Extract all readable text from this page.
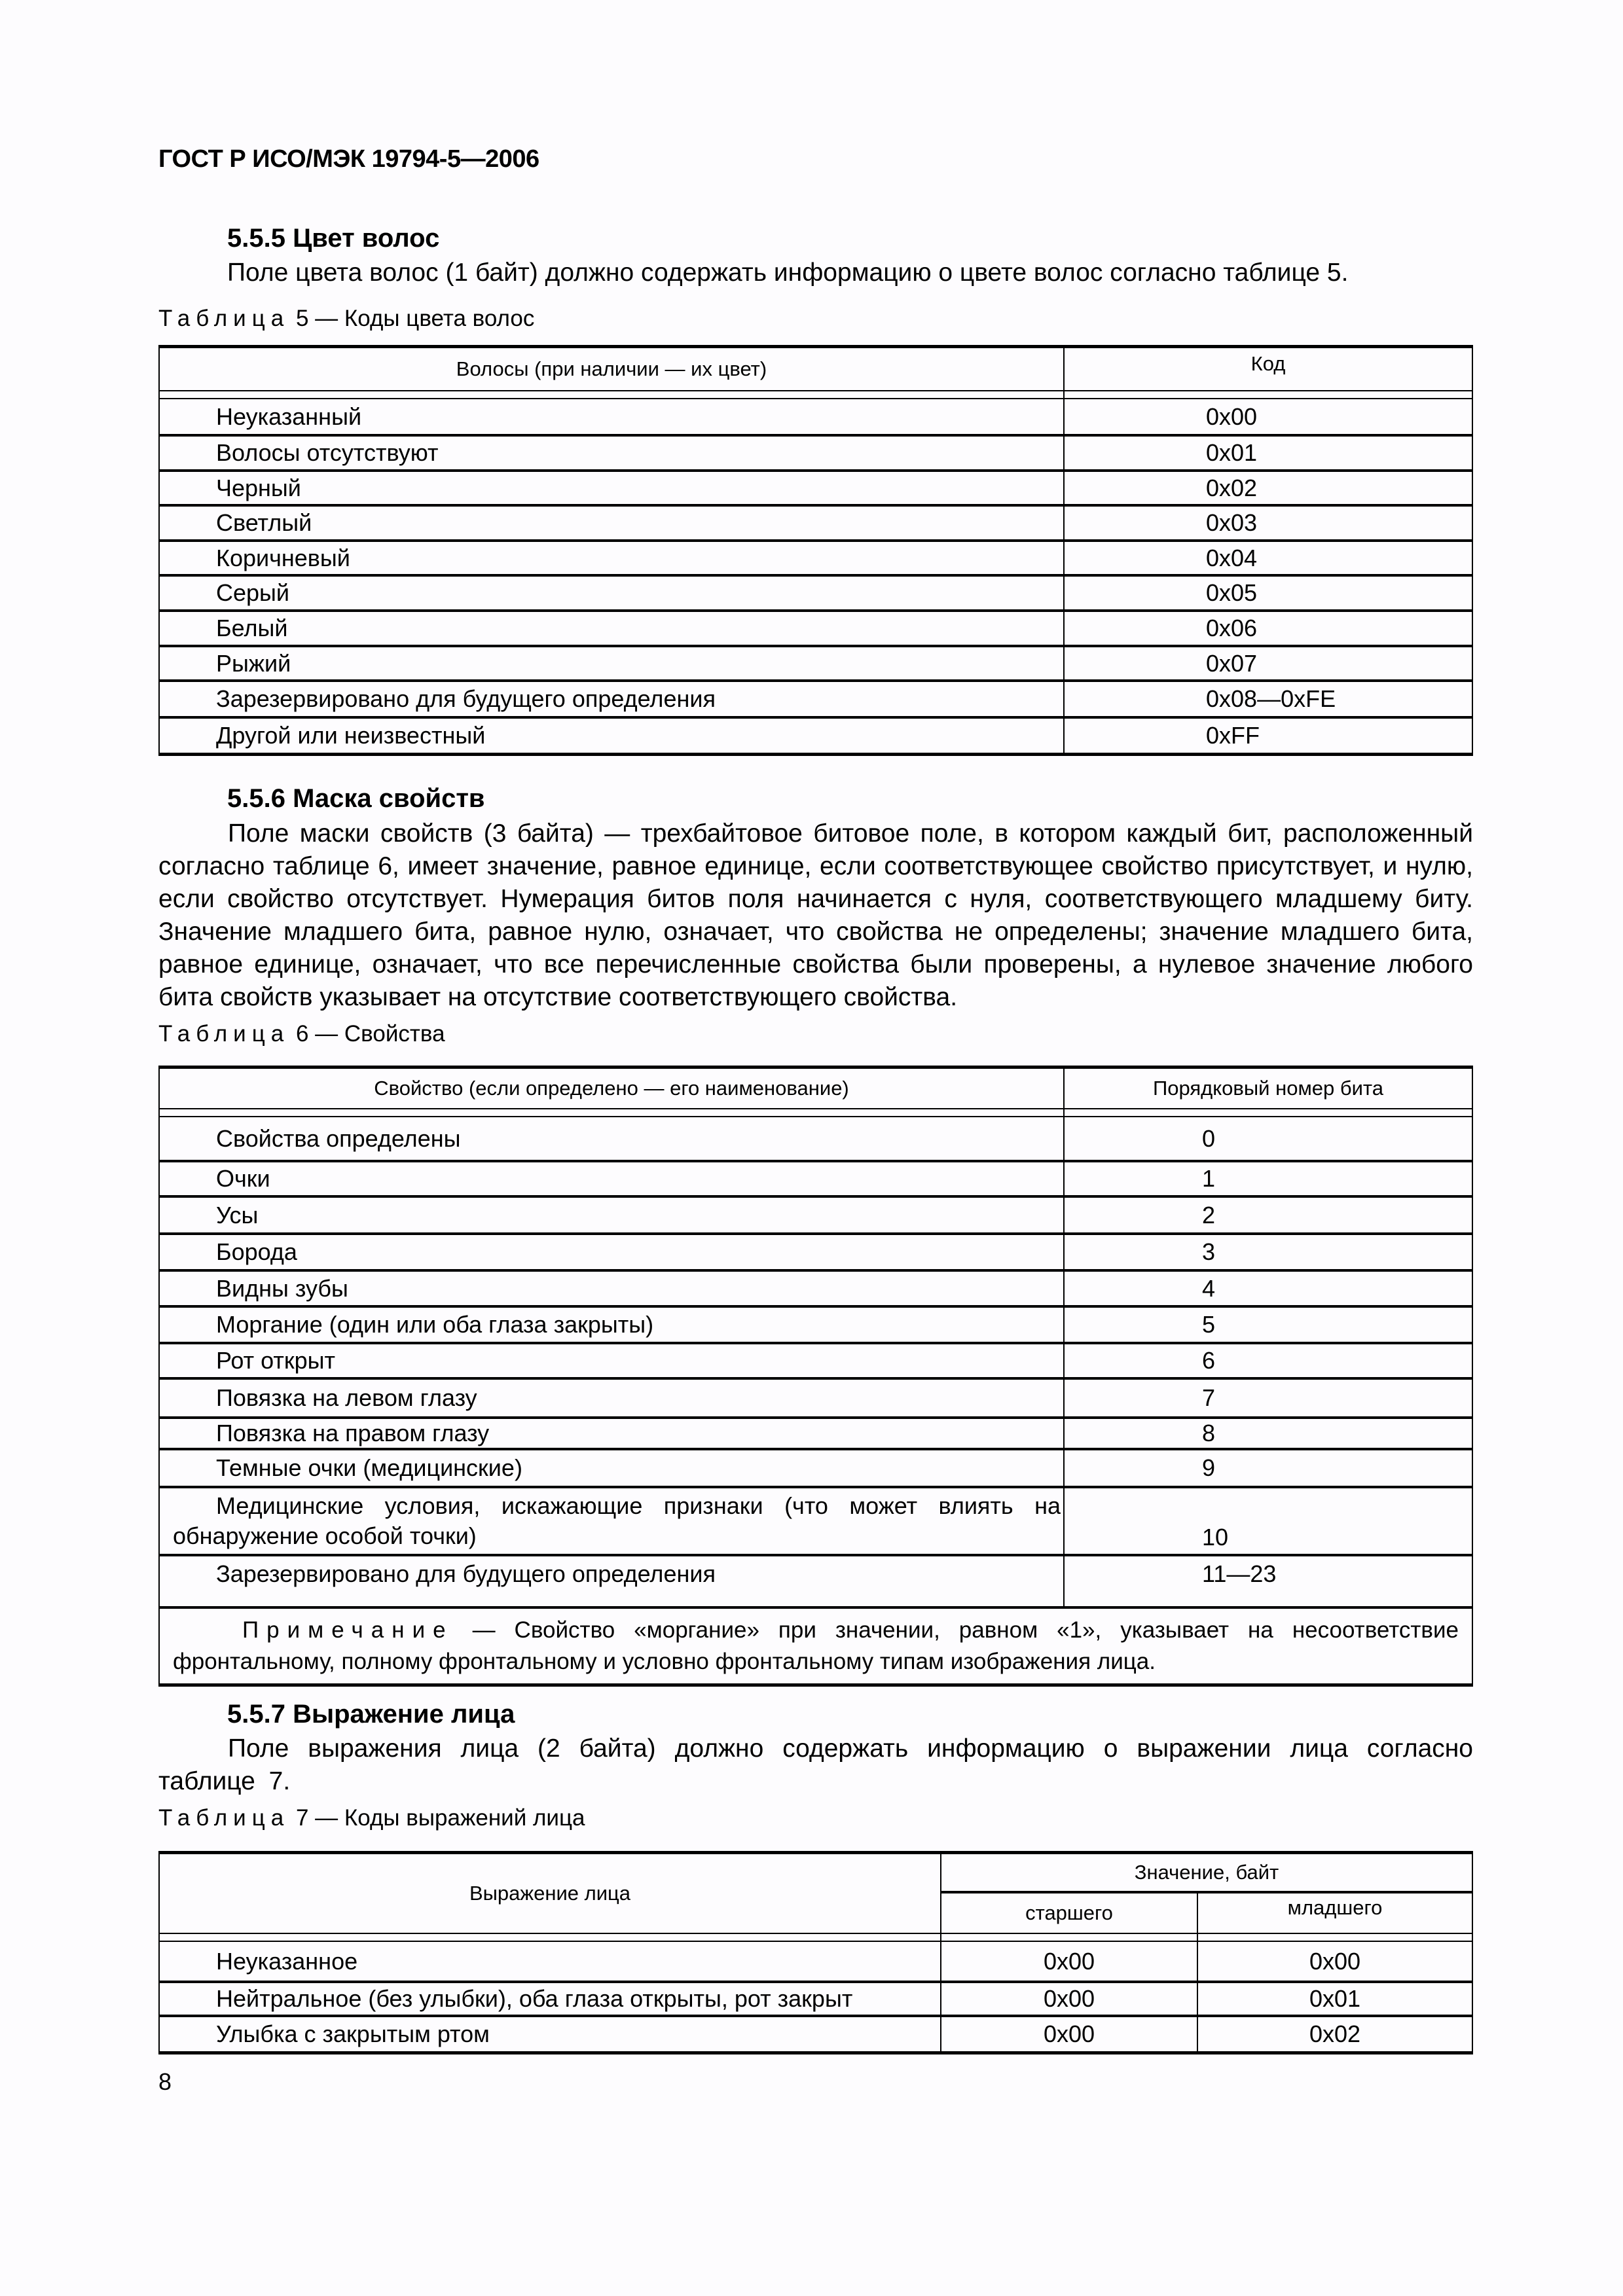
ГОСТ Р ИСО/МЭК 19794-5—2006
5.5.5 Цвет волос
Поле цвета волос (1 байт) должно содержать информацию о цвете волос согласно таблице 5.
Таблица 5 — Коды цвета волос
Волосы (при наличии — их цвет)	Код

Неуказанный	0x00
Волосы отсутствуют	0x01
Черный	0x02
Светлый	0x03
Коричневый	0x04
Серый	0x05
Белый	0x06
Рыжий	0x07
Зарезервировано для будущего определения	0x08—0xFE
Другой или неизвестный	0xFF
5.5.6 Маска свойств
Поле маски свойств (3 байта) — трехбайтовое битовое поле, в котором каждый бит, расположенный согласно таблице 6, имеет значение, равное единице, если соответствующее свойство присутствует, и нулю, если свойство отсутствует. Нумерация битов поля начинается с нуля, соответствующего младшему биту. Значение младшего бита, равное нулю, означает, что свойства не определены; значение младшего бита, равное единице, означает, что все перечисленные свойства были проверены, а нулевое значение любого бита свойств указывает на отсутствие соответствующего свойства.
Таблица 6 — Свойства
Свойство (если определено — его наименование)	Порядковый номер бита

Свойства определены	0
Очки	1
Усы	2
Борода	3
Видны зубы	4
Моргание (один или оба глаза закрыты)	5
Рот открыт	6
Повязка на левом глазу	7
Повязка на правом глазу	8
Темные очки (медицинские)	9
Медицинские условия, искажающие признаки (что может влиять на обнаружение особой точки)	10
Зарезервировано для будущего определения	11—23
Примечание — Свойство «моргание» при значении, равном «1», указывает на несоответствие фронтальному, полному фронтальному и условно фронтальному типам изображения лица.	
5.5.7 Выражение лица
Поле выражения лица (2 байта) должно содержать информацию о выражении лица согласно таблице 7.
Таблица 7 — Коды выражений лица
Выражение лица	Значение, байт	
	старшего	младшего

Неуказанное	0x00	0x00
Нейтральное (без улыбки), оба глаза открыты, рот закрыт	0x00	0x01
Улыбка с закрытым ртом	0x00	0x02
8
